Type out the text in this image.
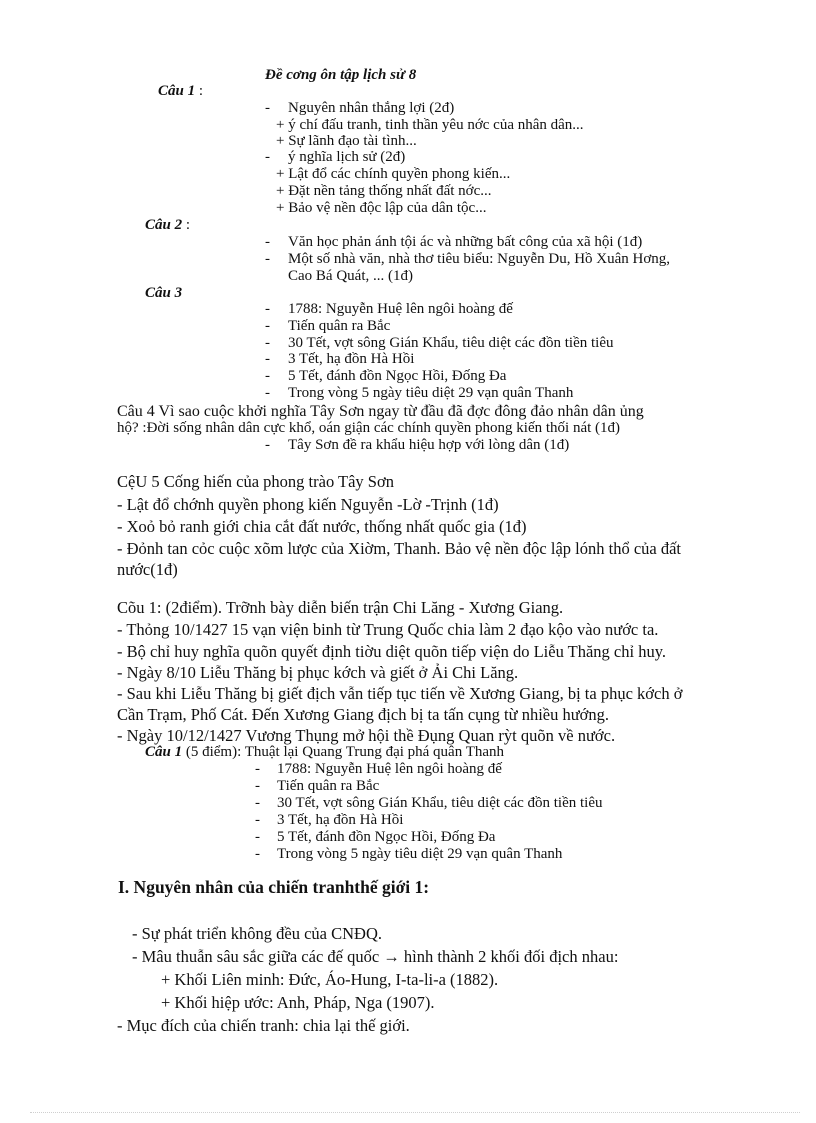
Đề cơng ôn tập lịch sử 8
Câu 1 :
- Nguyên nhân thắng lợi (2đ)
+ ý chí đấu tranh, tinh thần yêu nớc của nhân dân...
+ Sự lãnh đạo tài tình...
- ý nghĩa lịch sử (2đ)
+ Lật đổ các chính quyền phong kiến...
+ Đặt nền tảng thống nhất đất nớc...
+ Bảo vệ nền độc lập của dân tộc...
Câu 2 :
- Văn học phản ánh tội ác và những bất công của xã hội (1đ)
- Một số nhà văn, nhà thơ tiêu biểu: Nguyễn Du, Hồ Xuân Hơng,
Cao Bá Quát, ... (1đ)
Câu 3
- 1788: Nguyễn Huệ lên ngôi hoàng đế
- Tiến quân ra Bắc
- 30 Tết, vợt sông Gián Khẩu, tiêu diệt các đồn tiền tiêu
- 3 Tết, hạ đồn Hà Hồi
- 5 Tết, đánh đồn Ngọc Hồi, Đống Đa
- Trong vòng 5 ngày tiêu diệt 29 vạn quân Thanh
Câu 4 Vì sao cuộc khởi nghĩa Tây Sơn ngay từ đầu đã đợc đông đảo nhân dân ủng
hộ? :Đời sống nhân dân cực khổ, oán giận các chính quyền phong kiến thối nát (1đ)
- Tây Sơn đề ra khẩu hiệu hợp với lòng dân (1đ)
CệU 5 Cống hiến của phong trào Tây Sơn
- Lật đổ chớnh quyền phong kiến Nguyễn -Lờ -Trịnh (1đ)
- Xoỏ bỏ ranh giới chia cắt đất nước, thống nhất quốc gia (1đ)
- Đỏnh tan cỏc cuộc xõm lược của Xiờm, Thanh. Bảo vệ nền độc lập lónh thổ của đất
nước(1đ)
Cõu 1: (2điểm). Trỡnh bày diễn biến trận Chi Lăng - Xương Giang.
- Thỏng 10/1427 15 vạn viện binh từ Trung Quốc chia làm 2 đạo kộo vào nước ta.
- Bộ chỉ huy nghĩa quõn quyết định tiờu diệt quõn tiếp viện do Liễu Thăng chỉ huy.
- Ngày 8/10 Liễu Thăng bị phục kớch và giết ở Ải Chi Lăng.
- Sau khi Liễu Thăng bị giết địch vẫn tiếp tục tiến về Xương Giang, bị ta phục kớch ở
Cần Trạm, Phố Cát. Đến Xương Giang địch bị ta tấn cụng từ nhiều hướng.
- Ngày 10/12/1427 Vương Thụng mở hội thề Đụng Quan rỳt quõn về nước.
Câu 1 (5 điểm): Thuật lại Quang Trung đại phá quân Thanh
- 1788: Nguyễn Huệ lên ngôi hoàng đế
- Tiến quân ra Bắc
- 30 Tết, vợt sông Gián Khẩu, tiêu diệt các đồn tiền tiêu
- 3 Tết, hạ đồn Hà Hồi
- 5 Tết, đánh đồn Ngọc Hồi, Đống Đa
- Trong vòng 5 ngày tiêu diệt 29 vạn quân Thanh
I. Nguyên nhân của chiến tranhthế giới 1:
- Sự phát triển không đều của CNĐQ.
- Mâu thuẫn sâu sắc giữa các đế quốc → hình thành 2 khối đối địch nhau:
+ Khối Liên minh: Đức, Áo-Hung, I-ta-li-a (1882).
+ Khối hiệp ước: Anh, Pháp, Nga (1907).
- Mục đích của chiến tranh: chia lại thế giới.
